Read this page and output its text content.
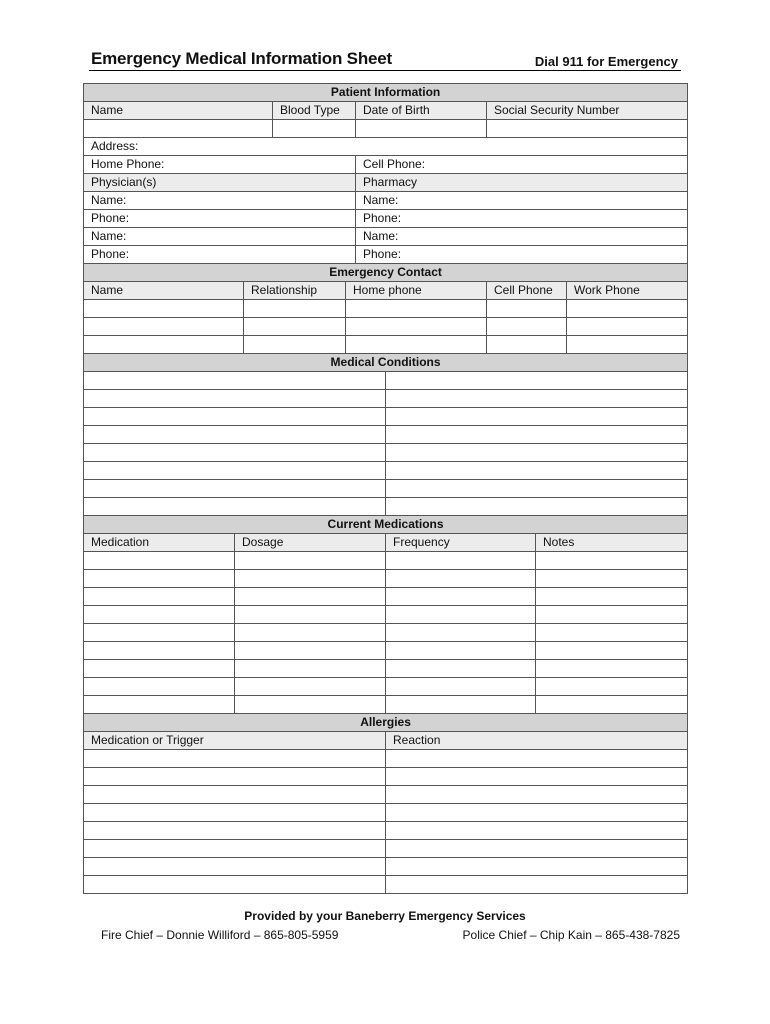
Emergency Medical Information Sheet	Dial 911 for Emergency
Patient Information									
Name			Blood Type		Date of Birth		Social Security Number		

Address:									
Home Phone:					Cell Phone:				
Physician(s)					Pharmacy				
Name:					Name:				
Phone:					Phone:				
Name:					Name:				
Phone:					Phone:				
Emergency Contact									
Name		Relationship		Home phone			Cell Phone		Work Phone

Medical Conditions									

Current Medications									
Medication	Dosage					Frequency		Notes	

Allergies									
Medication or Trigger						Reaction			

Provided by your Baneberry Emergency Services
Fire Chief – Donnie Williford – 865-805-5959	Police Chief – Chip Kain – 865-438-7825
